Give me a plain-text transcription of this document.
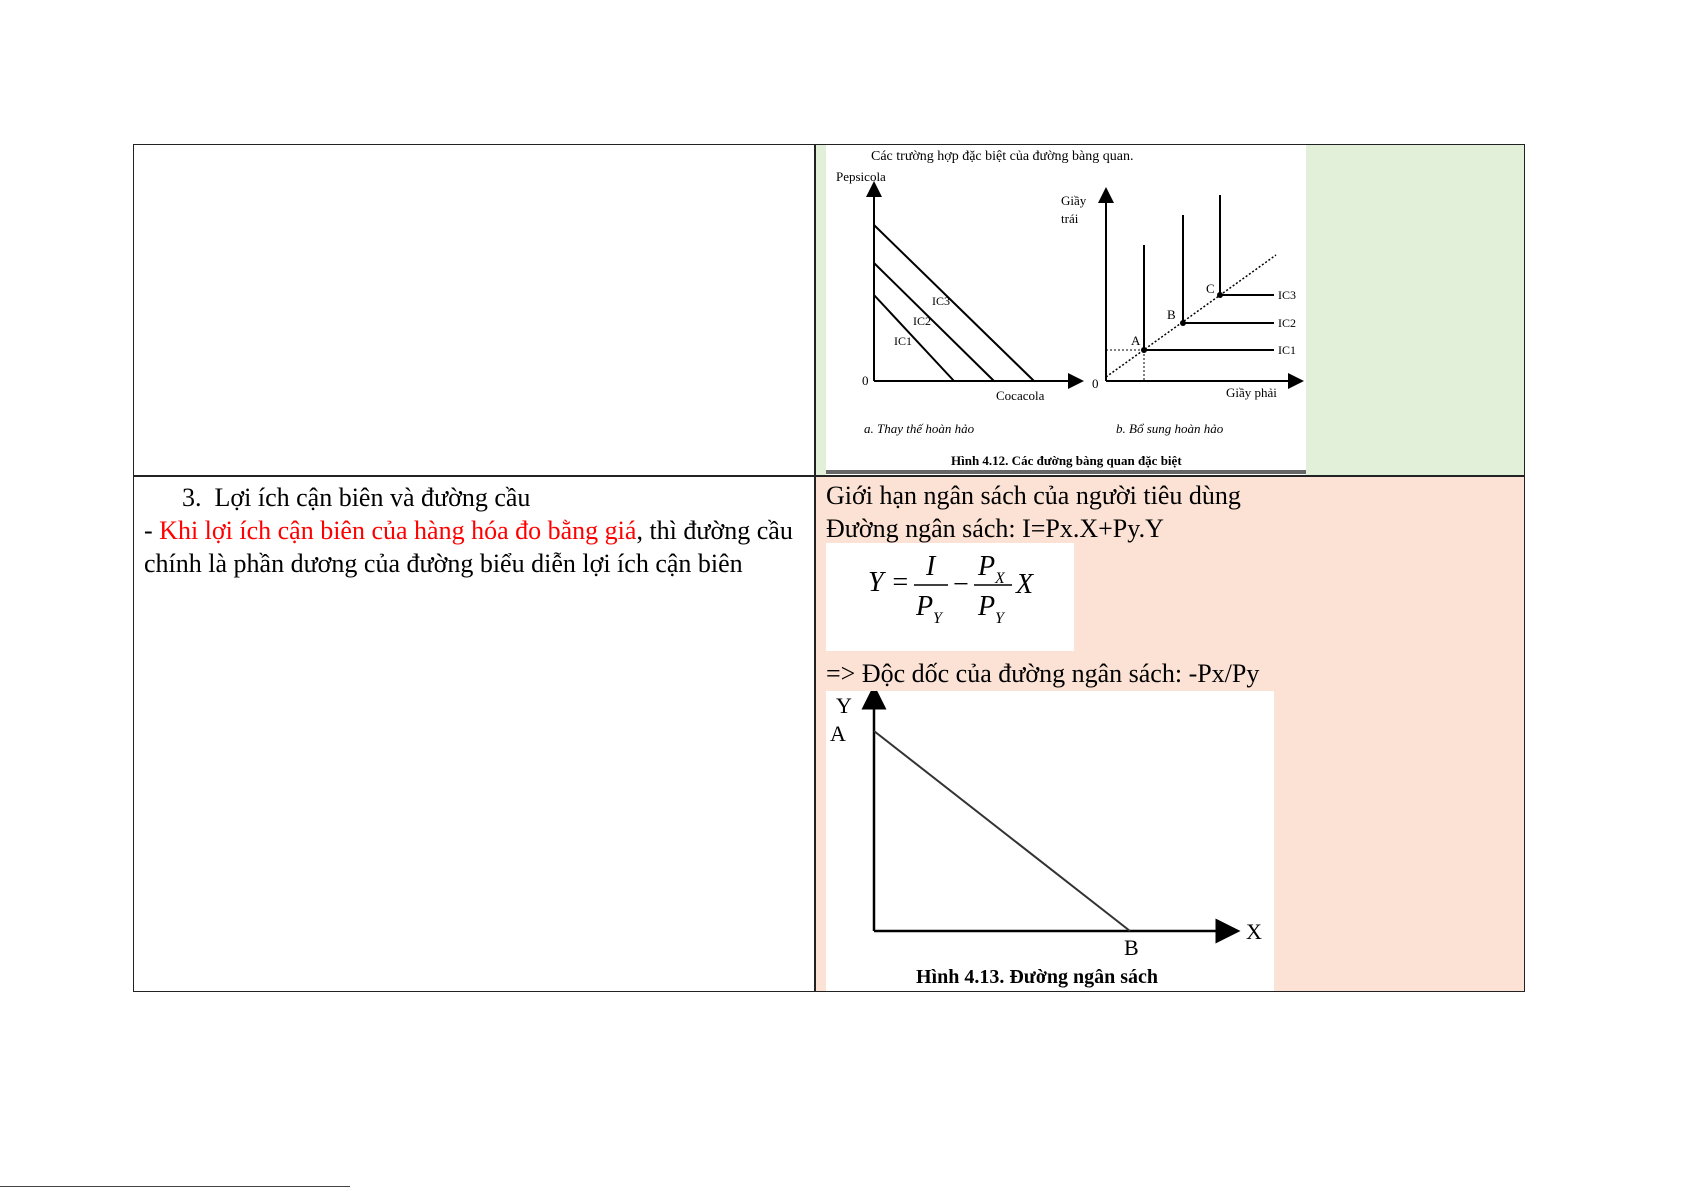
Các trường hợp đặc biệt của đường bàng quan.
Pepsicola
0
IC1
IC2
IC3
Cocacola
a. Thay thế hoàn hảo
Giầy
trái
0
A
B
C
IC1
IC2
IC3
Giầy phải
b. Bổ sung hoàn hảo
Hình 4.12. Các đường bàng quan đặc biệt
3. Lợi ích cận biên và đường cầu
- Khi lợi ích cận biên của hàng hóa đo bằng giá, thì đường cầu chính là phần dương của đường biểu diễn lợi ích cận biên
Giới hạn ngân sách của người tiêu dùng
Đường ngân sách: I=Px.X+Py.Y
Y =
I
P Y
−
P X
P Y
X
=> Độc dốc của đường ngân sách: -Px/Py
Y
A
X
B
Hình 4.13. Đường ngân sách
